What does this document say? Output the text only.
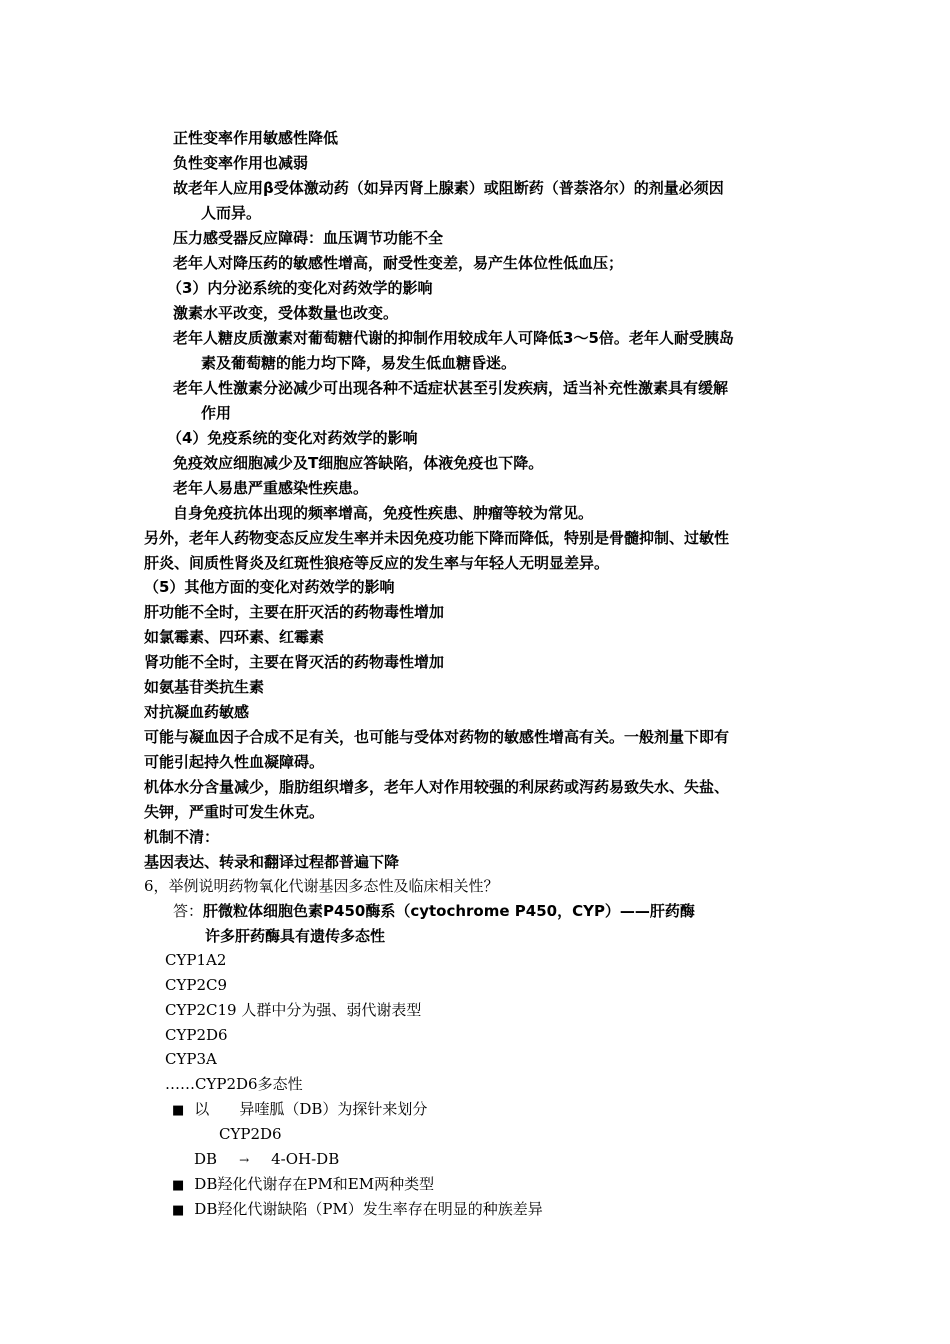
正性变率作用敏感性降低
负性变率作用也减弱
故老年人应用β受体激动药（如异丙肾上腺素）或阻断药（普萘洛尔）的剂量必须因
人而异。
压力感受器反应障碍：血压调节功能不全
老年人对降压药的敏感性增高，耐受性变差，易产生体位性低血压；
（3）内分泌系统的变化对药效学的影响
激素水平改变，受体数量也改变。
老年人糖皮质激素对葡萄糖代谢的抑制作用较成年人可降低3～5倍。老年人耐受胰岛
素及葡萄糖的能力均下降，易发生低血糖昏迷。
老年人性激素分泌减少可出现各种不适症状甚至引发疾病，适当补充性激素具有缓解
作用
（4）免疫系统的变化对药效学的影响
免疫效应细胞减少及T细胞应答缺陷，体液免疫也下降。
老年人易患严重感染性疾患。
自身免疫抗体出现的频率增高，免疫性疾患、肿瘤等较为常见。
另外，老年人药物变态反应发生率并未因免疫功能下降而降低，特别是骨髓抑制、过敏性
肝炎、间质性肾炎及红斑性狼疮等反应的发生率与年轻人无明显差异。
（5）其他方面的变化对药效学的影响
肝功能不全时，主要在肝灭活的药物毒性增加
如氯霉素、四环素、红霉素
肾功能不全时，主要在肾灭活的药物毒性增加
如氨基苷类抗生素
对抗凝血药敏感
可能与凝血因子合成不足有关，也可能与受体对药物的敏感性增高有关。一般剂量下即有
可能引起持久性血凝障碍。
机体水分含量减少，脂肪组织增多，老年人对作用较强的利尿药或泻药易致失水、失盐、
失钾，严重时可发生休克。
机制不清：
基因表达、转录和翻译过程都普遍下降
6，举例说明药物氧化代谢基因多态性及临床相关性？
答：肝微粒体细胞色素P450酶系（cytochrome P450，CYP）——肝药酶
许多肝药酶具有遗传多态性
CYP1A2
CYP2C9
CYP2C19 人群中分为强、弱代谢表型
CYP2D6
CYP3A
……CYP2D6多态性
■ 以 异喹胍（DB）为探针来划分
CYP2D6
DB → 4-OH-DB
■ DB羟化代谢存在PM和EM两种类型
■ DB羟化代谢缺陷（PM）发生率存在明显的种族差异
